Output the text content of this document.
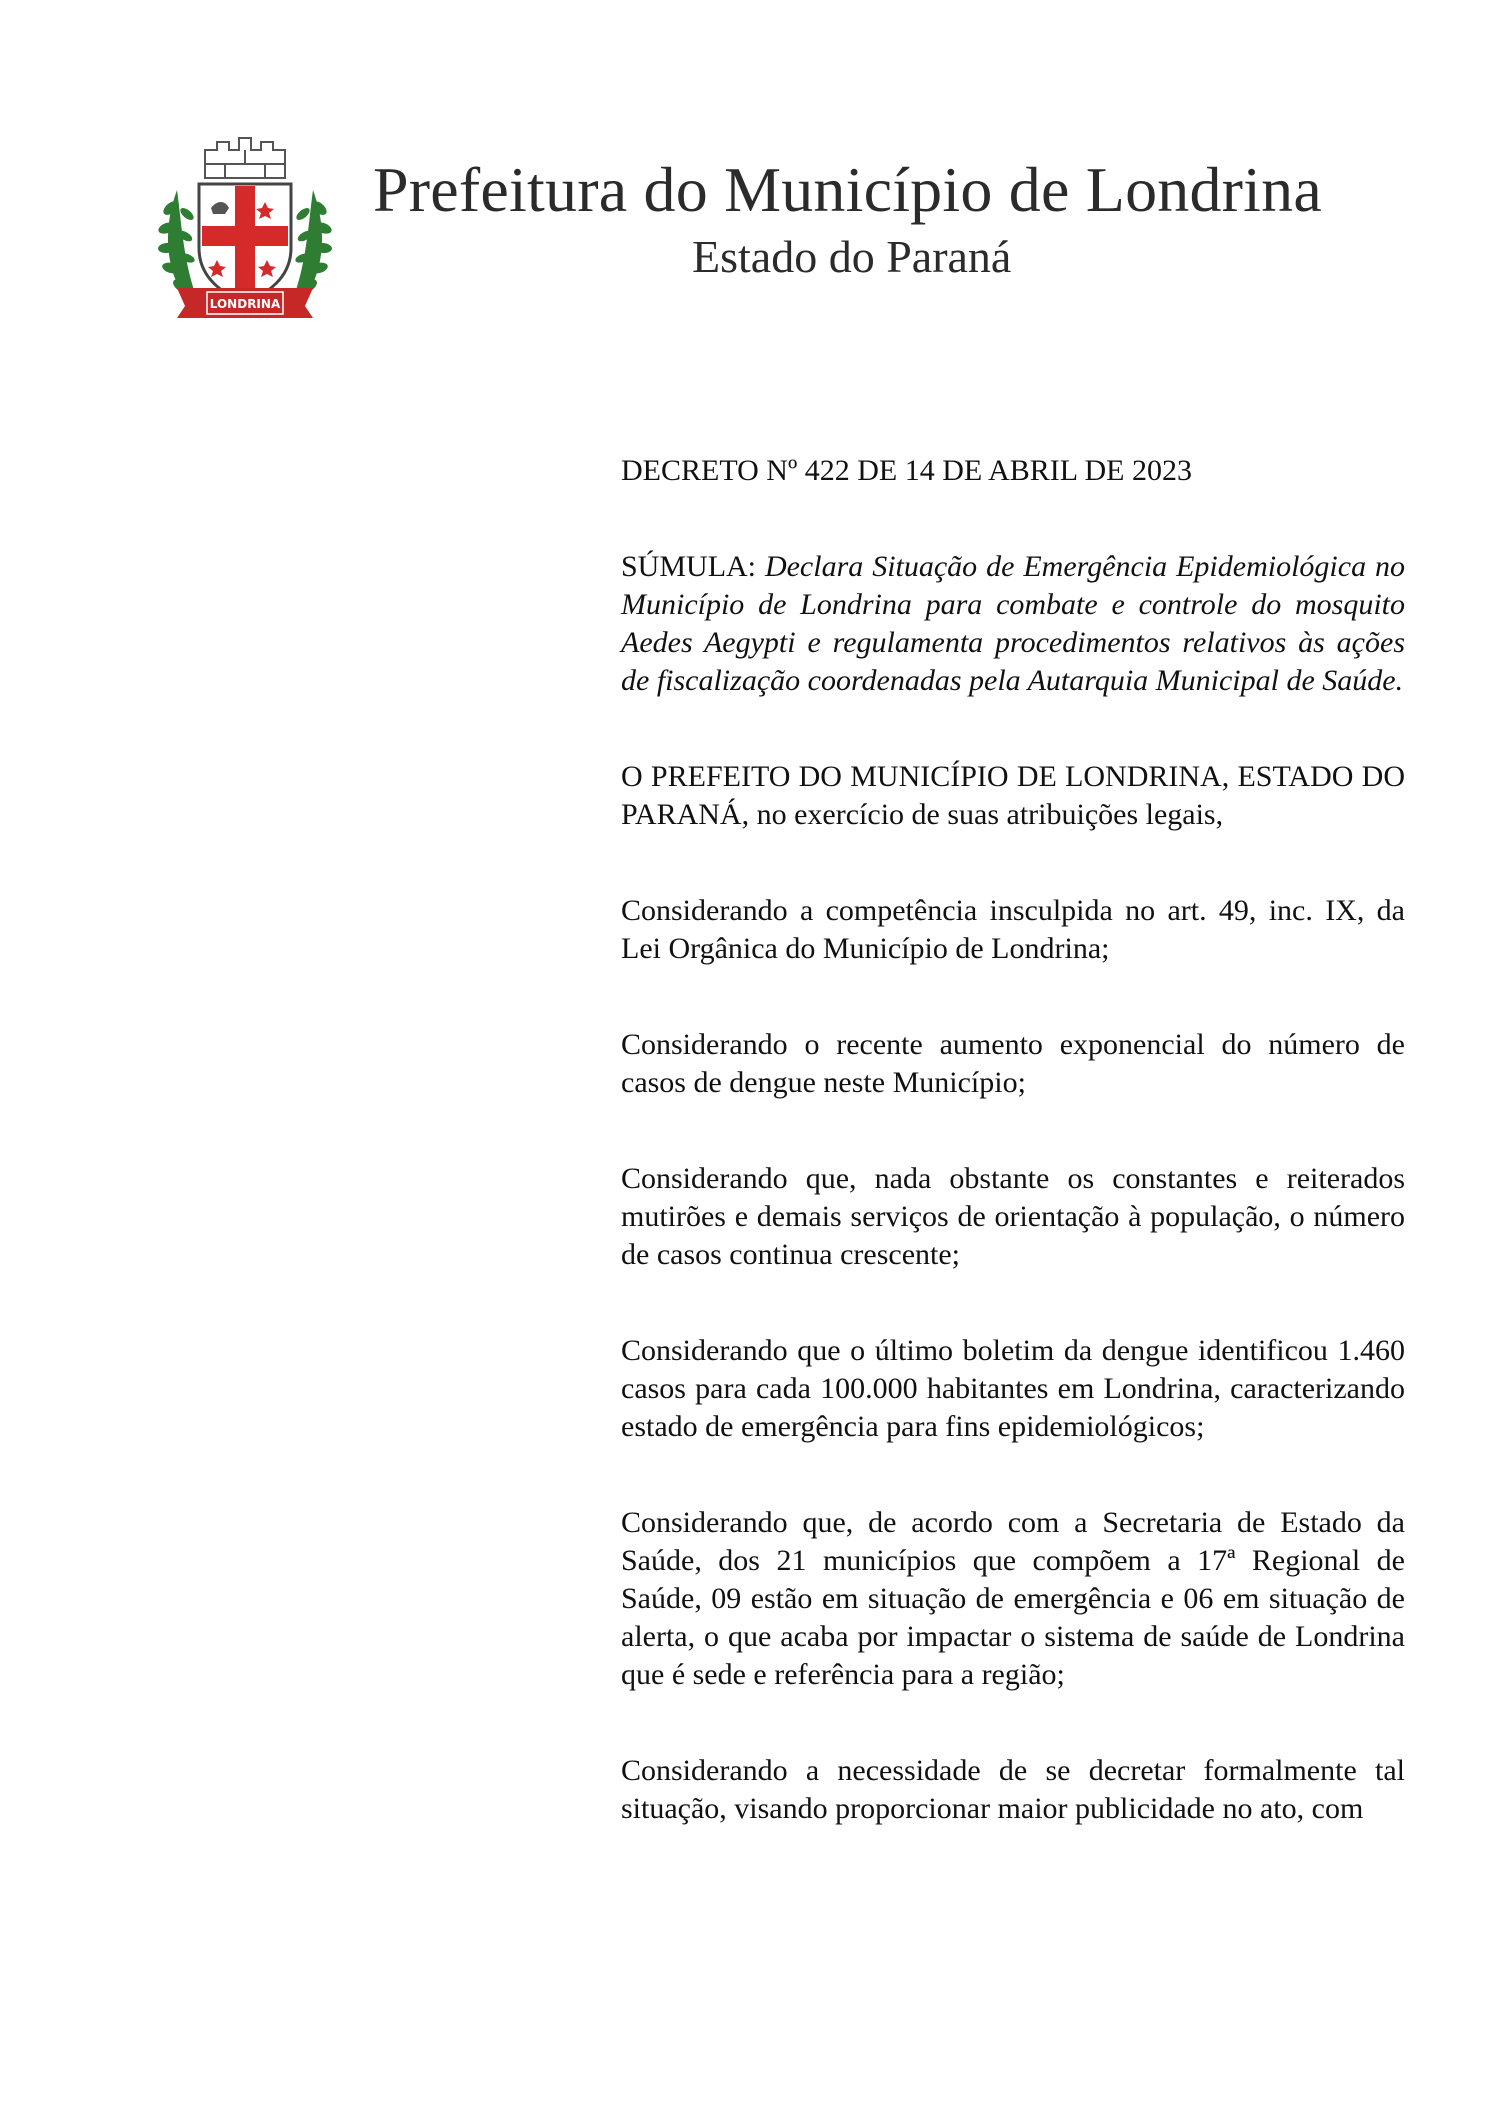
LONDRINA
Prefeitura do Município de Londrina
Estado do Paraná
DECRETO Nº 422 DE 14 DE ABRIL DE 2023
SÚMULA: Declara Situação de Emergência Epidemiológica no Município de Londrina para combate e controle do mosquito Aedes Aegypti e regulamenta procedimentos relativos às ações de fiscalização coordenadas pela Autarquia Municipal de Saúde.
O PREFEITO DO MUNICÍPIO DE LONDRINA, ESTADO DO PARANÁ, no exercício de suas atribuições legais,
Considerando a competência insculpida no art. 49, inc. IX, da Lei Orgânica do Município de Londrina;
Considerando o recente aumento exponencial do número de casos de dengue neste Município;
Considerando que, nada obstante os constantes e reiterados mutirões e demais serviços de orientação à população, o número de casos continua crescente;
Considerando que o último boletim da dengue identificou 1.460 casos para cada 100.000 habitantes em Londrina, caracterizando estado de emergência para fins epidemiológicos;
Considerando que, de acordo com a Secretaria de Estado da Saúde, dos 21 municípios que compõem a 17ª Regional de Saúde, 09 estão em situação de emergência e 06 em situação de alerta, o que acaba por impactar o sistema de saúde de Londrina que é sede e referência para a região;
Considerando a necessidade de se decretar formalmente tal situação, visando proporcionar maior publicidade no ato, com
